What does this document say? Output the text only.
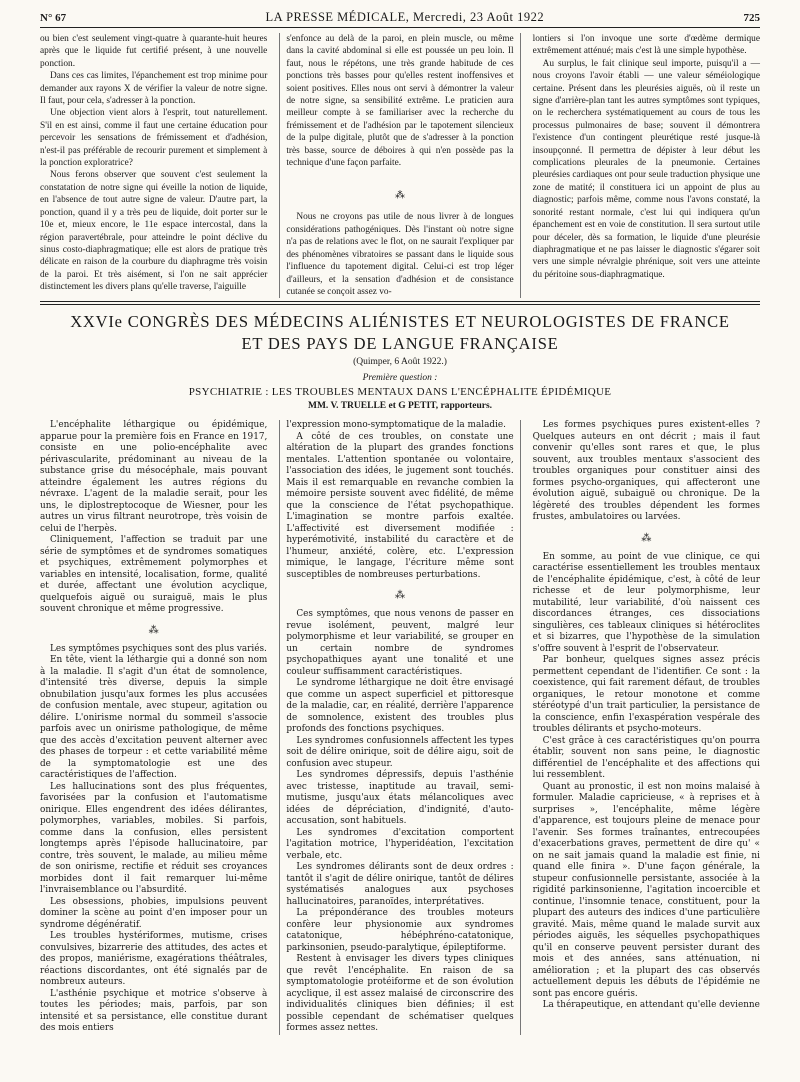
N° 67	LA PRESSE MÉDICALE, Mercredi, 23 Août 1922	725

ou bien c'est seulement vingt-quatre à quarante-huit heures après que le liquide fut certifié présent, à une nouvelle ponction.

Dans ces cas limites, l'épanchement est trop minime pour demander aux rayons X de vérifier la valeur de notre signe. Il faut, pour cela, s'adresser à la ponction.

Une objection vient alors à l'esprit, tout naturellement. S'il en est ainsi, comme il faut une certaine éducation pour percevoir les sensations de frémissement et d'adhésion, n'est-il pas préférable de recourir purement et simplement à la ponction exploratrice?

Nous ferons observer que souvent c'est seulement la constatation de notre signe qui éveille la notion de liquide, en l'absence de tout autre signe de valeur. D'autre part, la ponction, quand il y a très peu de liquide, doit porter sur le 10e et, mieux encore, le 11e espace intercostal, dans la région paravertébrale, pour atteindre le point déclive du sinus costo-diaphragmatique; elle est alors de pratique très délicate en raison de la courbure du diaphragme très voisin de la paroi. Et très aisément, si l'on ne sait apprécier distinctement les divers plans qu'elle traverse, l'aiguille

s'enfonce au delà de la paroi, en plein muscle, ou même dans la cavité abdominal si elle est poussée un peu loin. Il faut, nous le répétons, une très grande habitude de ces ponctions très basses pour qu'elles restent inoffensives et soient positives. Elles nous ont servi à démontrer la valeur de notre signe, sa sensibilité extrême. Le praticien aura meilleur compte à se familiariser avec la recherche du frémissement et de l'adhésion par le tapotement silencieux de la pulpe digitale, plutôt que de s'adresser à la ponction très basse, source de déboires à qui n'en possède pas la technique d'une façon parfaite.

⁂

Nous ne croyons pas utile de nous livrer à de longues considérations pathogéniques. Dès l'instant où notre signe n'a pas de relations avec le flot, on ne saurait l'expliquer par des phénomènes vibratoires se passant dans le liquide sous l'influence du tapotement digital. Celui-ci est trop léger d'ailleurs, et la sensation d'adhésion et de consistance cutanée se conçoit assez vo-

lontiers si l'on invoque une sorte d'œdème dermique extrêmement atténué; mais c'est là une simple hypothèse.

Au surplus, le fait clinique seul importe, puisqu'il a — nous croyons l'avoir établi — une valeur séméiologique certaine. Présent dans les pleurésies aiguës, où il reste un signe d'arrière-plan tant les autres symptômes sont typiques, on le recherchera systématiquement au cours de tous les processus pulmonaires de base; souvent il démontrera l'existence d'un contingent pleurétique resté jusque-là insoupçonné. Il permettra de dépister à leur début les complications pleurales de la pneumonie. Certaines pleurésies cardiaques ont pour seule traduction physique une zone de matité; il constituera ici un appoint de plus au diagnostic; parfois même, comme nous l'avons constaté, la sonorité restant normale, c'est lui qui indiquera qu'un épanchement est en voie de constitution. Il sera surtout utile pour déceler, dès sa formation, le liquide d'une pleurésie diaphragmatique et ne pas laisser le diagnostic s'égarer soit vers une simple névralgie phrénique, soit vers une atteinte du péritoine sous-diaphragmatique.

XXVIe CONGRÈS DES MÉDECINS ALIÉNISTES ET NEUROLOGISTES DE FRANCE
ET DES PAYS DE LANGUE FRANÇAISE
(Quimper, 6 Août 1922.)
Première question :
PSYCHIATRIE : LES TROUBLES MENTAUX DANS L'ENCÉPHALITE ÉPIDÉMIQUE
MM. V. TRUELLE et G PETIT, rapporteurs.

L'encéphalite léthargique ou épidémique, apparue pour la première fois en France en 1917, consiste en une polio-encéphalite avec périvascularite, prédominant au niveau de la substance grise du mésocéphale, mais pouvant atteindre également les autres régions du névraxe. L'agent de la maladie serait, pour les uns, le diplostreptocoque de Wiesner, pour les autres un virus filtrant neurotrope, très voisin de celui de l'herpès.

Cliniquement, l'affection se traduit par une série de symptômes et de syndromes somatiques et psychiques, extrêmement polymorphes et variables en intensité, localisation, forme, qualité et durée, affectant une évolution acyclique, quelquefois aiguë ou suraiguë, mais le plus souvent chronique et même progressive.

⁂

Les symptômes psychiques sont des plus variés.

En tête, vient la léthargie qui a donné son nom à la maladie. Il s'agit d'un état de somnolence, d'intensité très diverse, depuis la simple obnubilation jusqu'aux formes les plus accusées de confusion mentale, avec stupeur, agitation ou délire. L'onirisme normal du sommeil s'associe parfois avec un onirisme pathologique, de même que des accès d'excitation peuvent alterner avec des phases de torpeur : et cette variabilité même de la symptomatologie est une des caractéristiques de l'affection.

Les hallucinations sont des plus fréquentes, favorisées par la confusion et l'automatisme onirique. Elles engendrent des idées délirantes, polymorphes, variables, mobiles. Si parfois, comme dans la confusion, elles persistent longtemps après l'épisode hallucinatoire, par contre, très souvent, le malade, au milieu même de son onirisme, rectifie et réduit ses croyances morbides dont il fait remarquer lui-même l'invraisemblance ou l'absurdité.

Les obsessions, phobies, impulsions peuvent dominer la scène au point d'en imposer pour un syndrome dégénératif.

Les troubles hystériformes, mutisme, crises convulsives, bizarrerie des attitudes, des actes et des propos, maniérisme, exagérations théâtrales, réactions discordantes, ont été signalés par de nombreux auteurs.

L'asthénie psychique et motrice s'observe à toutes les périodes; mais, parfois, par son intensité et sa persistance, elle constitue durant des mois entiers

l'expression mono-symptomatique de la maladie.

A côté de ces troubles, on constate une altération de la plupart des grandes fonctions mentales. L'attention spontanée ou volontaire, l'association des idées, le jugement sont touchés. Mais il est remarquable en revanche combien la mémoire persiste souvent avec fidélité, de même que la conscience de l'état psychopathique. L'imagination se montre parfois exaltée. L'affectivité est diversement modifiée : hyperémotivité, instabilité du caractère et de l'humeur, anxiété, colère, etc. L'expression mimique, le langage, l'écriture même sont susceptibles de nombreuses perturbations.

⁂

Ces symptômes, que nous venons de passer en revue isolément, peuvent, malgré leur polymorphisme et leur variabilité, se grouper en un certain nombre de syndromes psychopathiques ayant une tonalité et une couleur suffisamment caractéristiques.

Le syndrome léthargique ne doit être envisagé que comme un aspect superficiel et pittoresque de la maladie, car, en réalité, derrière l'apparence de somnolence, existent des troubles plus profonds des fonctions psychiques.

Les syndromes confusionnels affectent les types soit de délire onirique, soit de délire aigu, soit de confusion avec stupeur.

Les syndromes dépressifs, depuis l'asthénie avec tristesse, inaptitude au travail, semi-mutisme, jusqu'aux états mélancoliques avec idées de dépréciation, d'indignité, d'auto-accusation, sont habituels.

Les syndromes d'excitation comportent l'agitation motrice, l'hyperidéation, l'excitation verbale, etc.

Les syndromes délirants sont de deux ordres : tantôt il s'agit de délire onirique, tantôt de délires systématisés analogues aux psychoses hallucinatoires, paranoïdes, interprétatives.

La prépondérance des troubles moteurs confère leur physionomie aux syndromes catatonique, hébéphréno-catatonique, parkinsonien, pseudo-paralytique, épileptiforme.

Restent à envisager les divers types cliniques que revêt l'encéphalite. En raison de sa symptomatologie protéiforme et de son évolution acyclique, il est assez malaisé de circonscrire des individualités cliniques bien définies; il est possible cependant de schématiser quelques formes assez nettes.

Les formes psychiques pures existent-elles ? Quelques auteurs en ont décrit ; mais il faut convenir qu'elles sont rares et que, le plus souvent, aux troubles mentaux s'associent des troubles organiques pour constituer ainsi des formes psycho-organiques, qui affecteront une évolution aiguë, subaiguë ou chronique. De la légèreté des troubles dépendent les formes frustes, ambulatoires ou larvées.

⁂

En somme, au point de vue clinique, ce qui caractérise essentiellement les troubles mentaux de l'encéphalite épidémique, c'est, à côté de leur richesse et de leur polymorphisme, leur mutabilité, leur variabilité, d'où naissent ces discordances étranges, ces dissociations singulières, ces tableaux cliniques si hétéroclites et si bizarres, que l'hypothèse de la simulation s'offre souvent à l'esprit de l'observateur.

Par bonheur, quelques signes assez précis permettent cependant de l'identifier. Ce sont : la coexistence, qui fait rarement défaut, de troubles organiques, le retour monotone et comme stéréotypé d'un trait particulier, la persistance de la conscience, enfin l'exaspération vespérale des troubles délirants et psycho-moteurs.

C'est grâce à ces caractéristiques qu'on pourra établir, souvent non sans peine, le diagnostic différentiel de l'encéphalite et des affections qui lui ressemblent.

Quant au pronostic, il est non moins malaisé à formuler. Maladie capricieuse, « à reprises et à surprises », l'encéphalite, même légère d'apparence, est toujours pleine de menace pour l'avenir. Ses formes traînantes, entrecoupées d'exacerbations graves, permettent de dire qu' « on ne sait jamais quand la maladie est finie, ni quand elle finira ». D'une façon générale, la stupeur confusionnelle persistante, associée à la rigidité parkinsonienne, l'agitation incoercible et continue, l'insomnie tenace, constituent, pour la plupart des auteurs des indices d'une particulière gravité. Mais, même quand le malade survit aux périodes aiguës, les séquelles psychopathiques qu'il en conserve peuvent persister durant des mois et des années, sans atténuation, ni amélioration ; et la plupart des cas observés actuellement depuis les débuts de l'épidémie ne sont pas encore guéris.

La thérapeutique, en attendant qu'elle devienne
